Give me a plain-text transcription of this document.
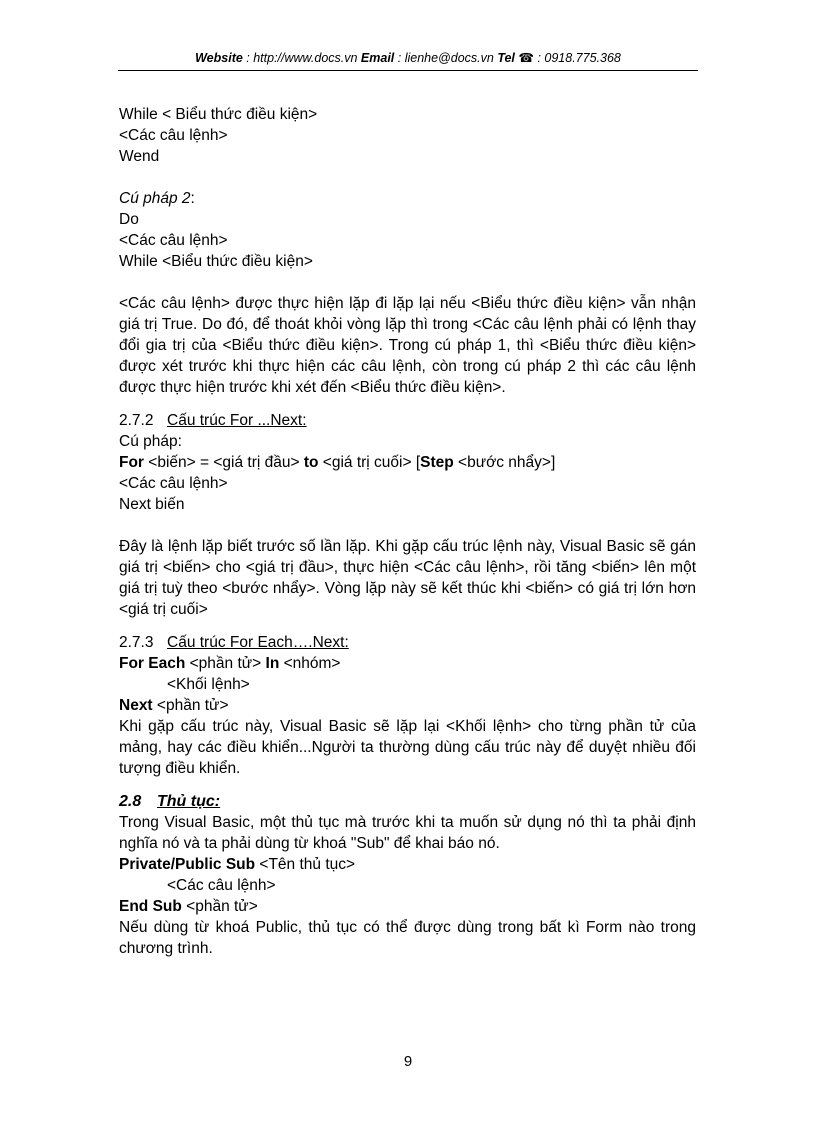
Website : http://www.docs.vn Email : lienhe@docs.vn Tel ☎ : 0918.775.368
While < Biểu thức điều kiện>
<Các câu lệnh>
Wend
Cú pháp 2:
Do
<Các câu lệnh>
While <Biểu thức điều kiện>
<Các câu lệnh> được thực hiện lặp đi lặp lại nếu <Biểu thức điều kiện> vẫn nhận giá trị True. Do đó, để thoát khỏi vòng lặp thì trong <Các câu lệnh phải có lệnh thay đổi gia trị của <Biểu thức điều kiện>. Trong cú pháp 1, thì <Biểu thức điều kiện> được xét trước khi thực hiện các câu lệnh, còn trong cú pháp 2 thì các câu lệnh được thực hiện trước khi xét đến <Biểu thức điều kiện>.
2.7.2 Cấu trúc For ...Next:
Cú pháp:
For <biến> = <giá trị đầu> to <giá trị cuối> [Step <bước nhẩy>]
<Các câu lệnh>
Next biến
Đây là lệnh lặp biết trước số lần lặp. Khi gặp cấu trúc lệnh này, Visual Basic sẽ gán giá trị <biến> cho <giá trị đầu>, thực hiện <Các câu lệnh>, rồi tăng <biến> lên một giá trị tuỳ theo <bước nhẩy>. Vòng lặp này sẽ kết thúc khi <biến> có giá trị lớn hơn <giá trị cuối>
2.7.3 Cấu trúc For Each….Next:
For Each <phần tử> In <nhóm>
<Khối lệnh>
Next <phần tử>
Khi gặp cấu trúc này, Visual Basic sẽ lặp lại <Khối lệnh> cho từng phần tử của mảng, hay các điều khiển...Người ta thường dùng cấu trúc này để duyệt nhiều đối tượng điều khiển.
2.8 Thủ tục:
Trong Visual Basic, một thủ tục mà trước khi ta muốn sử dụng nó thì ta phải định nghĩa nó và ta phải dùng từ khoá "Sub" để khai báo nó.
Private/Public Sub <Tên thủ tục>
<Các câu lệnh>
End Sub <phần tử>
Nếu dùng từ khoá Public, thủ tục có thể được dùng trong bất kì Form nào trong chương trình.
9
